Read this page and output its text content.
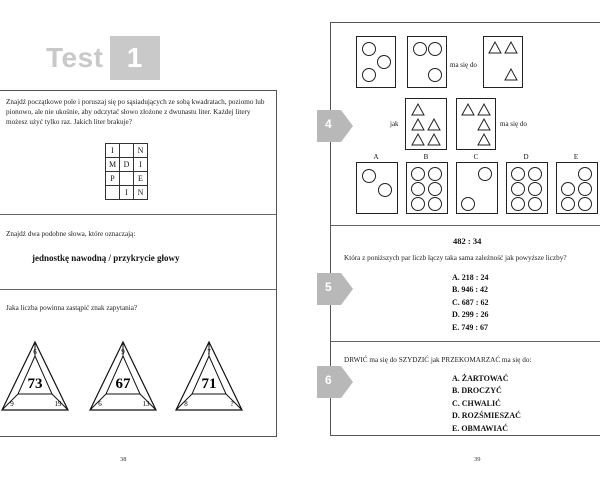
Test 1
Znajdź początkowe pole i poruszaj się po sąsiadujących ze sobą kwadratach, poziomo lub pionowo, ale nie ukośnie, aby odczytać słowo złożone z dwunastu liter. Każdej litery możesz użyć tylko raz. Jakich liter brakuje?
Znajdź dwa podobne słowa, które oznaczają:
jednostkę nawodną / przykrycie głowy
Jaka liczba powinna zastąpić znak zapytania?
I		N
M	D	I
P		E
	I	N
6
73
9	19
9
67
6	13
7
71
8	?
38
4
5
6
ma się do
jak	ma się do
A	B	C	D	E
482 : 34
Która z poniższych par liczb łączy taka sama zależność jak powyższe liczby?
A. 218 : 24
B. 946 : 42
C. 687 : 62
D. 299 : 26
E. 749 : 67
DRWIĆ ma się do SZYDZIĆ jak PRZEKOMARZAĆ ma się do:
A. ŻARTOWAĆ
B. DROCZYĆ
C. CHWALIĆ
D. ROZŚMIESZAĆ
E. OBMAWIAĆ
39
